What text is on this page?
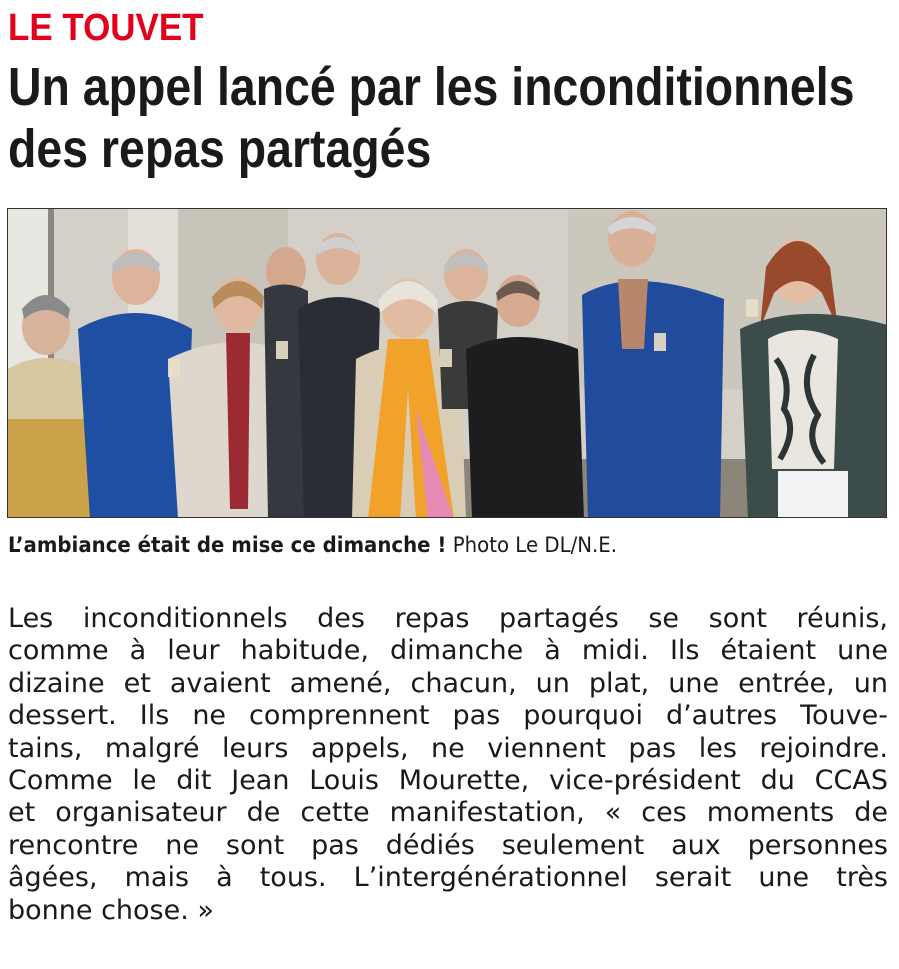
LE TOUVET
Un appel lancé par les inconditionnels
des repas partagés
L’ambiance était de mise ce dimanche ! Photo Le DL/N.E.
Les inconditionnels des repas partagés se sont réunis,
comme à leur habitude, dimanche à midi. Ils étaient une
dizaine et avaient amené, chacun, un plat, une entrée, un
dessert. Ils ne comprennent pas pourquoi d’autres Touve-
tains, malgré leurs appels, ne viennent pas les rejoindre.
Comme le dit Jean Louis Mourette, vice-président du CCAS
et organisateur de cette manifestation, « ces moments de
rencontre ne sont pas dédiés seulement aux personnes
âgées, mais à tous. L’intergénérationnel serait une très
bonne chose. »
